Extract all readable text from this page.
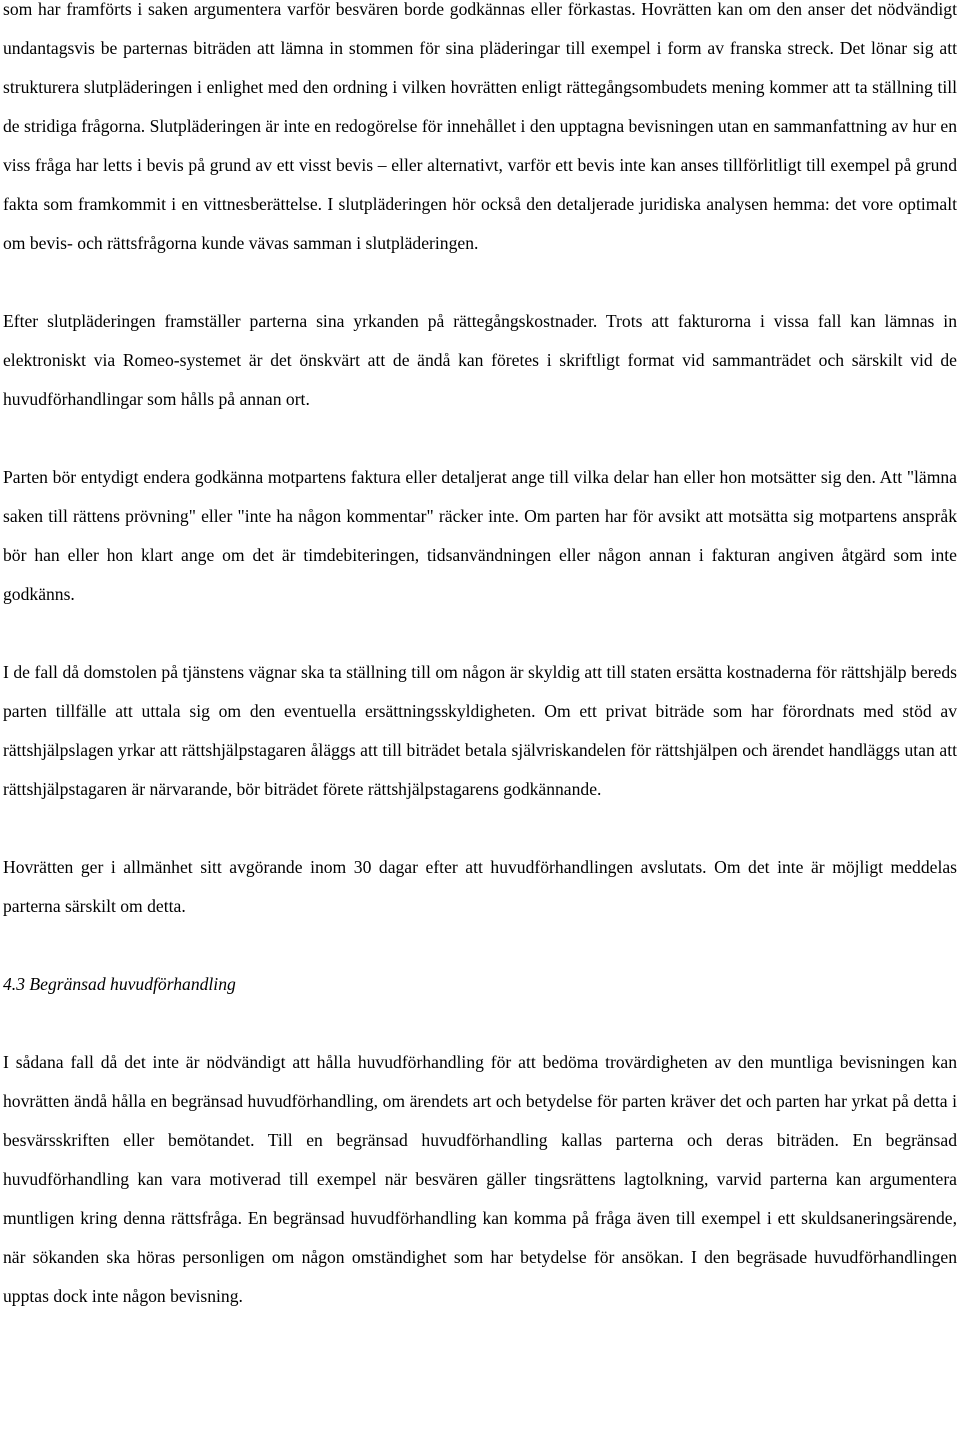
som har framförts i saken argumentera varför besvären borde godkännas eller förkastas. Hovrätten kan om den anser det nödvändigt undantagsvis be parternas biträden att lämna in stommen för sina pläderingar till exempel i form av franska streck. Det lönar sig att strukturera slutpläderingen i enlighet med den ordning i vilken hovrätten enligt rättegångsombudets mening kommer att ta ställning till de stridiga frågorna. Slutpläderingen är inte en redogörelse för innehållet i den upptagna bevisningen utan en sammanfattning av hur en viss fråga har letts i bevis på grund av ett visst bevis – eller alternativt, varför ett bevis inte kan anses tillförlitligt till exempel på grund fakta som framkommit i en vittnesberättelse. I slutpläderingen hör också den detaljerade juridiska analysen hemma: det vore optimalt om bevis- och rättsfrågorna kunde vävas samman i slutpläderingen.

Efter slutpläderingen framställer parterna sina yrkanden på rättegångskostnader. Trots att fakturorna i vissa fall kan lämnas in elektroniskt via Romeo-systemet är det önskvärt att de ändå kan företes i skriftligt format vid sammanträdet och särskilt vid de huvudförhandlingar som hålls på annan ort.

Parten bör entydigt endera godkänna motpartens faktura eller detaljerat ange till vilka delar han eller hon motsätter sig den. Att "lämna saken till rättens prövning" eller "inte ha någon kommentar" räcker inte. Om parten har för avsikt att motsätta sig motpartens anspråk bör han eller hon klart ange om det är timdebiteringen, tidsanvändningen eller någon annan i fakturan angiven åtgärd som inte godkänns.

I de fall då domstolen på tjänstens vägnar ska ta ställning till om någon är skyldig att till staten ersätta kostnaderna för rättshjälp bereds parten tillfälle att uttala sig om den eventuella ersättningsskyldigheten. Om ett privat biträde som har förordnats med stöd av rättshjälpslagen yrkar att rättshjälpstagaren åläggs att till biträdet betala självriskandelen för rättshjälpen och ärendet handläggs utan att rättshjälpstagaren är närvarande, bör biträdet förete rättshjälpstagarens godkännande.

Hovrätten ger i allmänhet sitt avgörande inom 30 dagar efter att huvudförhandlingen avslutats. Om det inte är möjligt meddelas parterna särskilt om detta.

4.3 Begränsad huvudförhandling

I sådana fall då det inte är nödvändigt att hålla huvudförhandling för att bedöma trovärdigheten av den muntliga bevisningen kan hovrätten ändå hålla en begränsad huvudförhandling, om ärendets art och betydelse för parten kräver det och parten har yrkat på detta i besvärsskriften eller bemötandet. Till en begränsad huvudförhandling kallas parterna och deras biträden. En begränsad huvudförhandling kan vara motiverad till exempel när besvären gäller tingsrättens lagtolkning, varvid parterna kan argumentera muntligen kring denna rättsfråga. En begränsad huvudförhandling kan komma på fråga även till exempel i ett skuldsaneringsärende, när sökanden ska höras personligen om någon omständighet som har betydelse för ansökan. I den begräsade huvudförhandlingen upptas dock inte någon bevisning.
